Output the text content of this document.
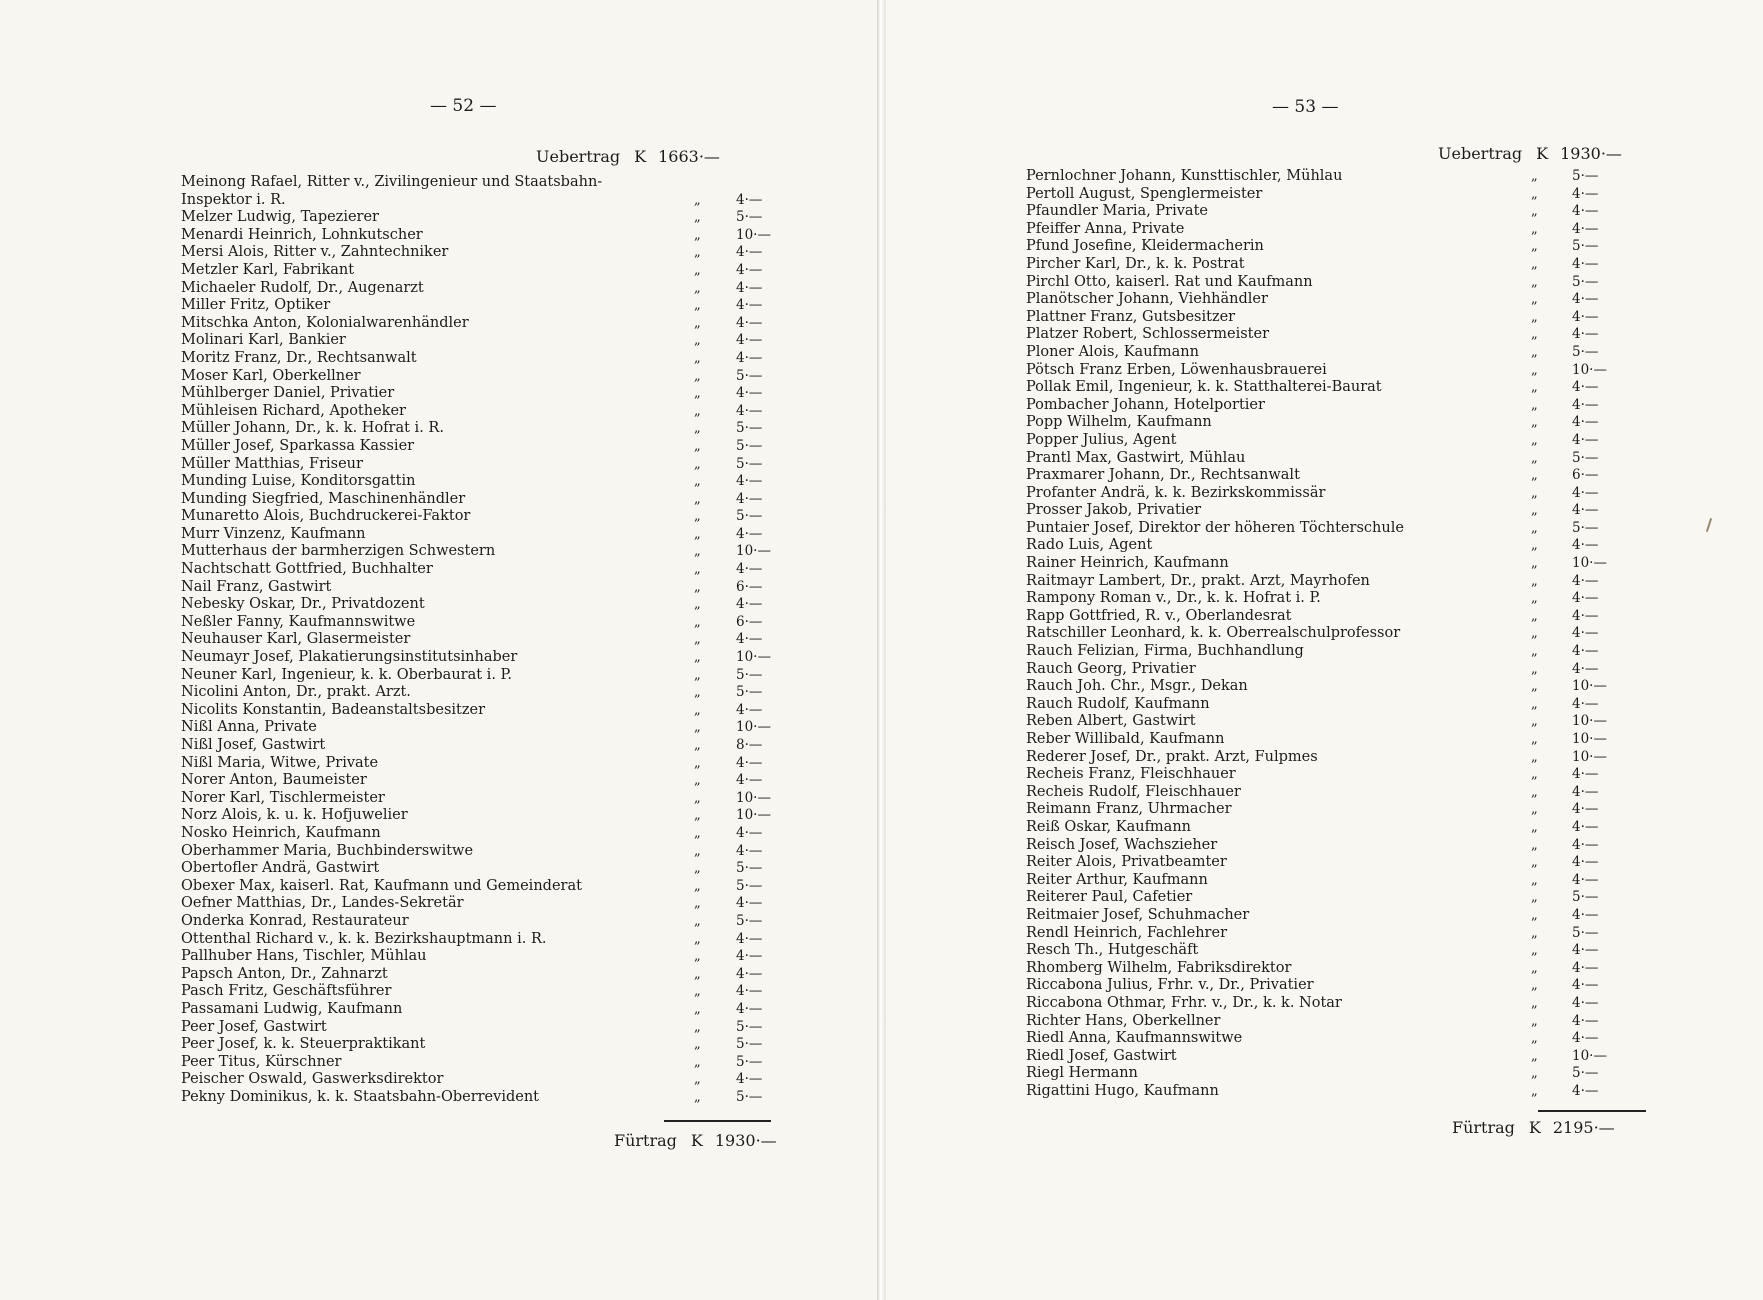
— 52 —
Uebertrag K 1663·—
Meinong Rafael, Ritter v., Zivilingenieur und Staatsbahn-
Inspektor i. R.	„	4·—
Melzer Ludwig, Tapezierer	„	5·—
Menardi Heinrich, Lohnkutscher	„	10·—
Mersi Alois, Ritter v., Zahntechniker	„	4·—
Metzler Karl, Fabrikant	„	4·—
Michaeler Rudolf, Dr., Augenarzt	„	4·—
Miller Fritz, Optiker	„	4·—
Mitschka Anton, Kolonialwarenhändler	„	4·—
Molinari Karl, Bankier	„	4·—
Moritz Franz, Dr., Rechtsanwalt	„	4·—
Moser Karl, Oberkellner	„	5·—
Mühlberger Daniel, Privatier	„	4·—
Mühleisen Richard, Apotheker	„	4·—
Müller Johann, Dr., k. k. Hofrat i. R.	„	5·—
Müller Josef, Sparkassa Kassier	„	5·—
Müller Matthias, Friseur	„	5·—
Munding Luise, Konditorsgattin	„	4·—
Munding Siegfried, Maschinenhändler	„	4·—
Munaretto Alois, Buchdruckerei-Faktor	„	5·—
Murr Vinzenz, Kaufmann	„	4·—
Mutterhaus der barmherzigen Schwestern	„	10·—
Nachtschatt Gottfried, Buchhalter	„	4·—
Nail Franz, Gastwirt	„	6·—
Nebesky Oskar, Dr., Privatdozent	„	4·—
Neßler Fanny, Kaufmannswitwe	„	6·—
Neuhauser Karl, Glasermeister	„	4·—
Neumayr Josef, Plakatierungsinstitutsinhaber	„	10·—
Neuner Karl, Ingenieur, k. k. Oberbaurat i. P.	„	5·—
Nicolini Anton, Dr., prakt. Arzt.	„	5·—
Nicolits Konstantin, Badeanstaltsbesitzer	„	4·—
Nißl Anna, Private	„	10·—
Nißl Josef, Gastwirt	„	8·—
Nißl Maria, Witwe, Private	„	4·—
Norer Anton, Baumeister	„	4·—
Norer Karl, Tischlermeister	„	10·—
Norz Alois, k. u. k. Hofjuwelier	„	10·—
Nosko Heinrich, Kaufmann	„	4·—
Oberhammer Maria, Buchbinderswitwe	„	4·—
Obertofler Andrä, Gastwirt	„	5·—
Obexer Max, kaiserl. Rat, Kaufmann und Gemeinderat	„	5·—
Oefner Matthias, Dr., Landes-Sekretär	„	4·—
Onderka Konrad, Restaurateur	„	5·—
Ottenthal Richard v., k. k. Bezirkshauptmann i. R.	„	4·—
Pallhuber Hans, Tischler, Mühlau	„	4·—
Papsch Anton, Dr., Zahnarzt	„	4·—
Pasch Fritz, Geschäftsführer	„	4·—
Passamani Ludwig, Kaufmann	„	4·—
Peer Josef, Gastwirt	„	5·—
Peer Josef, k. k. Steuerpraktikant	„	5·—
Peer Titus, Kürschner	„	5·—
Peischer Oswald, Gaswerksdirektor	„	4·—
Pekny Dominikus, k. k. Staatsbahn-Oberrevident	„	5·—
Fürtrag K 1930·—
— 53 —
Uebertrag K 1930·—
Pernlochner Johann, Kunsttischler, Mühlau	„	5·—
Pertoll August, Spenglermeister	„	4·—
Pfaundler Maria, Private	„	4·—
Pfeiffer Anna, Private	„	4·—
Pfund Josefine, Kleidermacherin	„	5·—
Pircher Karl, Dr., k. k. Postrat	„	4·—
Pirchl Otto, kaiserl. Rat und Kaufmann	„	5·—
Planötscher Johann, Viehhändler	„	4·—
Plattner Franz, Gutsbesitzer	„	4·—
Platzer Robert, Schlossermeister	„	4·—
Ploner Alois, Kaufmann	„	5·—
Pötsch Franz Erben, Löwenhausbrauerei	„	10·—
Pollak Emil, Ingenieur, k. k. Statthalterei-Baurat	„	4·—
Pombacher Johann, Hotelportier	„	4·—
Popp Wilhelm, Kaufmann	„	4·—
Popper Julius, Agent	„	4·—
Prantl Max, Gastwirt, Mühlau	„	5·—
Praxmarer Johann, Dr., Rechtsanwalt	„	6·—
Profanter Andrä, k. k. Bezirkskommissär	„	4·—
Prosser Jakob, Privatier	„	4·—
Puntaier Josef, Direktor der höheren Töchterschule	„	5·—
Rado Luis, Agent	„	4·—
Rainer Heinrich, Kaufmann	„	10·—
Raitmayr Lambert, Dr., prakt. Arzt, Mayrhofen	„	4·—
Rampony Roman v., Dr., k. k. Hofrat i. P.	„	4·—
Rapp Gottfried, R. v., Oberlandesrat	„	4·—
Ratschiller Leonhard, k. k. Oberrealschulprofessor	„	4·—
Rauch Felizian, Firma, Buchhandlung	„	4·—
Rauch Georg, Privatier	„	4·—
Rauch Joh. Chr., Msgr., Dekan	„	10·—
Rauch Rudolf, Kaufmann	„	4·—
Reben Albert, Gastwirt	„	10·—
Reber Willibald, Kaufmann	„	10·—
Rederer Josef, Dr., prakt. Arzt, Fulpmes	„	10·—
Recheis Franz, Fleischhauer	„	4·—
Recheis Rudolf, Fleischhauer	„	4·—
Reimann Franz, Uhrmacher	„	4·—
Reiß Oskar, Kaufmann	„	4·—
Reisch Josef, Wachszieher	„	4·—
Reiter Alois, Privatbeamter	„	4·—
Reiter Arthur, Kaufmann	„	4·—
Reiterer Paul, Cafetier	„	5·—
Reitmaier Josef, Schuhmacher	„	4·—
Rendl Heinrich, Fachlehrer	„	5·—
Resch Th., Hutgeschäft	„	4·—
Rhomberg Wilhelm, Fabriksdirektor	„	4·—
Riccabona Julius, Frhr. v., Dr., Privatier	„	4·—
Riccabona Othmar, Frhr. v., Dr., k. k. Notar	„	4·—
Richter Hans, Oberkellner	„	4·—
Riedl Anna, Kaufmannswitwe	„	4·—
Riedl Josef, Gastwirt	„	10·—
Riegl Hermann	„	5·—
Rigattini Hugo, Kaufmann	„	4·—
Fürtrag K 2195·—
